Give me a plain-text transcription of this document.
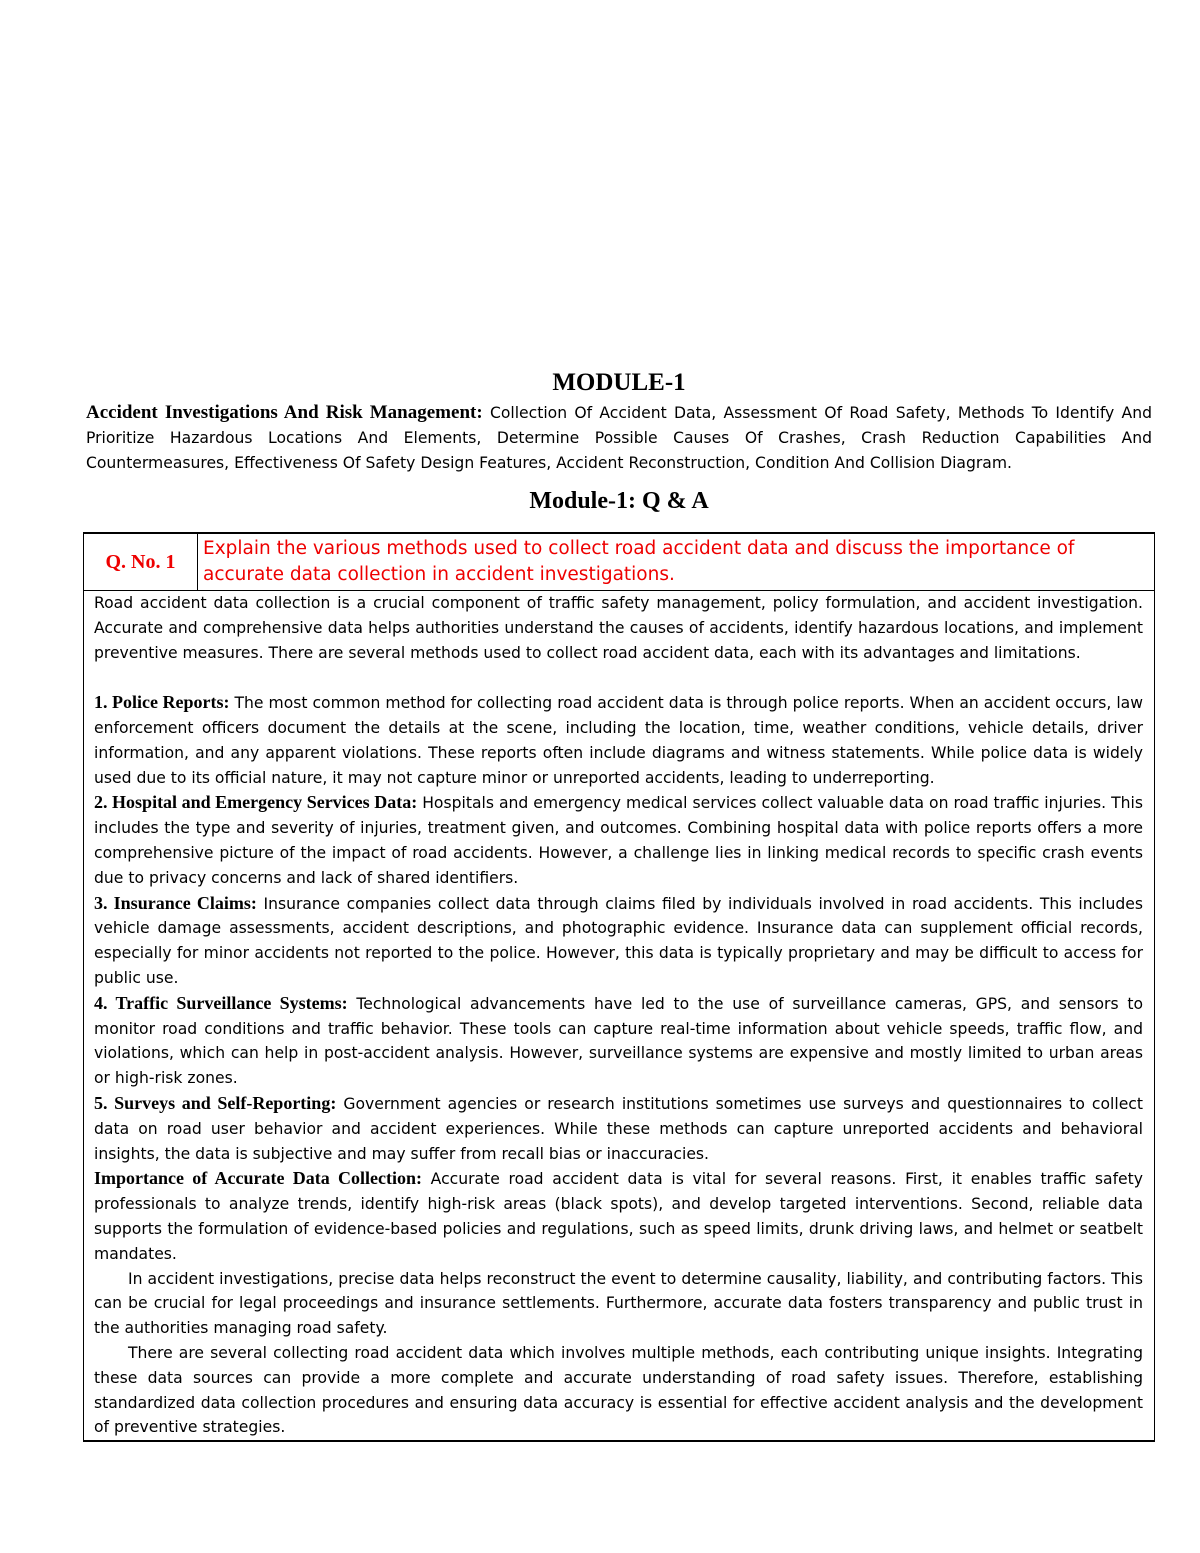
MODULE-1

Accident Investigations And Risk Management: Collection Of Accident Data, Assessment Of Road Safety, Methods To Identify And Prioritize Hazardous Locations And Elements, Determine Possible Causes Of Crashes, Crash Reduction Capabilities And Countermeasures, Effectiveness Of Safety Design Features, Accident Reconstruction, Condition And Collision Diagram.

Module-1: Q & A
Q. No. 1	Explain the various methods used to collect road accident data and discuss the importance of accurate data collection in accident investigations.

Road accident data collection is a crucial component of traffic safety management, policy formulation, and accident investigation. Accurate and comprehensive data helps authorities understand the causes of accidents, identify hazardous locations, and implement preventive measures. There are several methods used to collect road accident data, each with its advantages and limitations.

1. Police Reports: The most common method for collecting road accident data is through police reports. When an accident occurs, law enforcement officers document the details at the scene, including the location, time, weather conditions, vehicle details, driver information, and any apparent violations. These reports often include diagrams and witness statements. While police data is widely used due to its official nature, it may not capture minor or unreported accidents, leading to underreporting.

2. Hospital and Emergency Services Data: Hospitals and emergency medical services collect valuable data on road traffic injuries. This includes the type and severity of injuries, treatment given, and outcomes. Combining hospital data with police reports offers a more comprehensive picture of the impact of road accidents. However, a challenge lies in linking medical records to specific crash events due to privacy concerns and lack of shared identifiers.

3. Insurance Claims: Insurance companies collect data through claims filed by individuals involved in road accidents. This includes vehicle damage assessments, accident descriptions, and photographic evidence. Insurance data can supplement official records, especially for minor accidents not reported to the police. However, this data is typically proprietary and may be difficult to access for public use.

4. Traffic Surveillance Systems: Technological advancements have led to the use of surveillance cameras, GPS, and sensors to monitor road conditions and traffic behavior. These tools can capture real-time information about vehicle speeds, traffic flow, and violations, which can help in post-accident analysis. However, surveillance systems are expensive and mostly limited to urban areas or high-risk zones.

5. Surveys and Self-Reporting: Government agencies or research institutions sometimes use surveys and questionnaires to collect data on road user behavior and accident experiences. While these methods can capture unreported accidents and behavioral insights, the data is subjective and may suffer from recall bias or inaccuracies.

Importance of Accurate Data Collection: Accurate road accident data is vital for several reasons. First, it enables traffic safety professionals to analyze trends, identify high-risk areas (black spots), and develop targeted interventions. Second, reliable data supports the formulation of evidence-based policies and regulations, such as speed limits, drunk driving laws, and helmet or seatbelt mandates.

In accident investigations, precise data helps reconstruct the event to determine causality, liability, and contributing factors. This can be crucial for legal proceedings and insurance settlements. Furthermore, accurate data fosters transparency and public trust in the authorities managing road safety.

There are several collecting road accident data which involves multiple methods, each contributing unique insights. Integrating these data sources can provide a more complete and accurate understanding of road safety issues. Therefore, establishing standardized data collection procedures and ensuring data accuracy is essential for effective accident analysis and the development of preventive strategies.
